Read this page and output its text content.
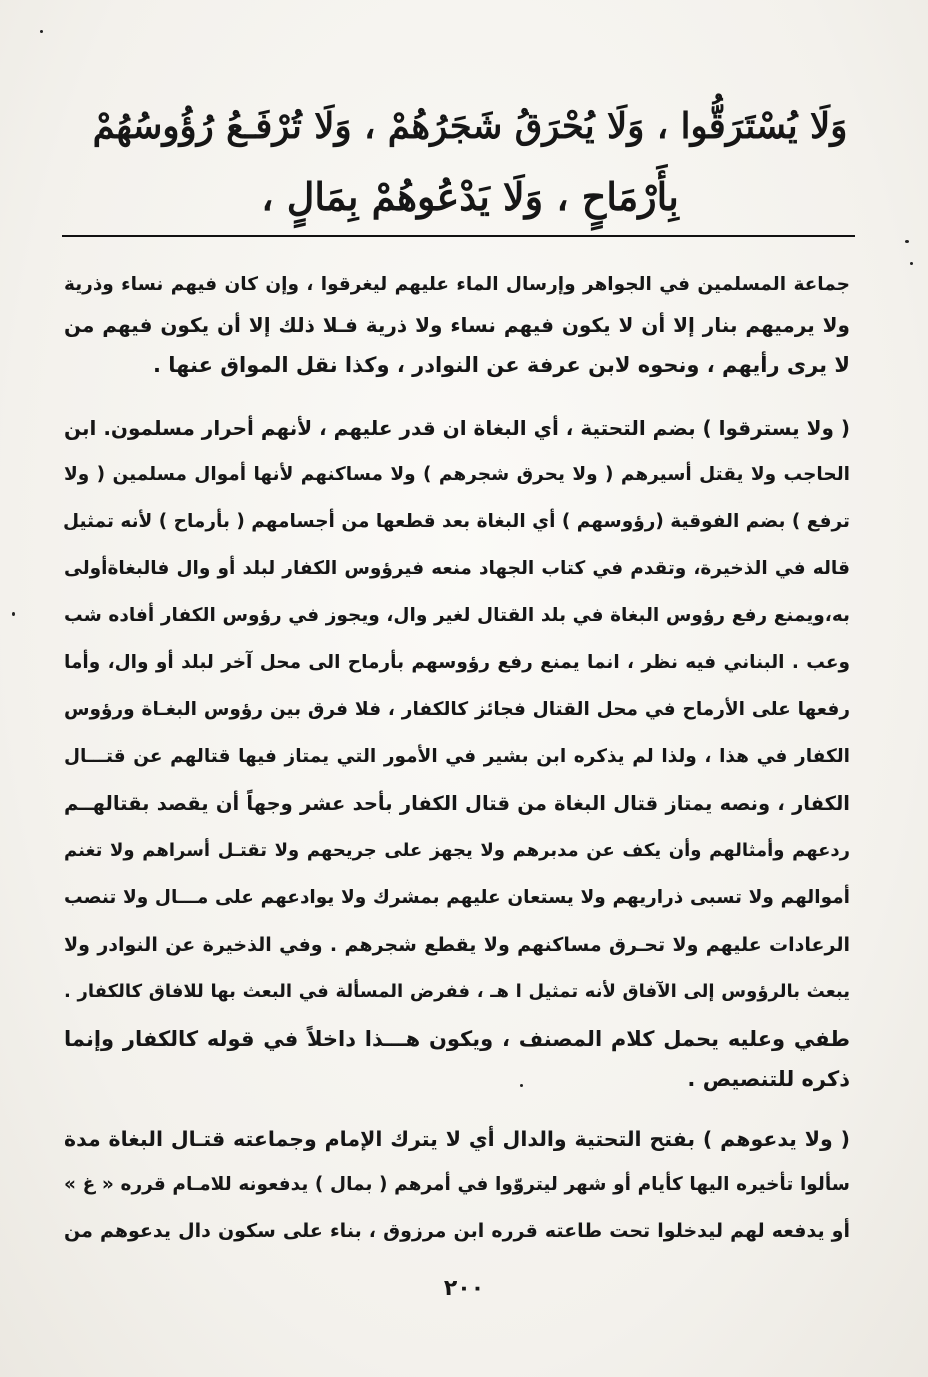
وَلَا يُسْتَرَقُّوا ، وَلَا يُحْرَقُ شَجَرُهُمْ ، وَلَا تُرْفَـعُ رُؤُوسُهُمْ

بِأَرْمَاحٍ ، وَلَا يَدْعُوهُمْ بِمَالٍ ،

جماعة المسلمين في الجواهر وإرسال الماء عليهم ليغرقوا ، وإن كان فيهم نساء وذرية

ولا يرميهم بنار إلا أن لا يكون فيهم نساء ولا ذرية فـلا ذلك إلا أن يكون فيهم من

لا يرى رأيهم ، ونحوه لابن عرفة عن النوادر ، وكذا نقل المواق عنها .

( ولا يسترقوا ) بضم التحتية ، أي البغاة ان قدر عليهم ، لأنهم أحرار مسلمون. ابن

الحاجب ولا يقتل أسيرهم ( ولا يحرق شجرهم ) ولا مساكنهم لأنها أموال مسلمين ( ولا

ترفع ) بضم الفوقية (رؤوسهم ) أي البغاة بعد قطعها من أجسامهم ( بأرماح ) لأنه تمثيل

قاله في الذخيرة، وتقدم في كتاب الجهاد منعه فيرؤوس الكفار لبلد أو وال فالبغاةأولى

به،ويمنع رفع رؤوس البغاة في بلد القتال لغير وال، ويجوز في رؤوس الكفار أفاده شب

وعب . البناني فيه نظر ، انما يمنع رفع رؤوسهم بأرماح الى محل آخر لبلد أو وال، وأما

رفعها على الأرماح في محل القتال فجائز كالكفار ، فلا فرق بين رؤوس البغـاة ورؤوس

الكفار في هذا ، ولذا لم يذكره ابن بشير في الأمور التي يمتاز فيها قتالهم عن قتـــال

الكفار ، ونصه يمتاز قتال البغاة من قتال الكفار بأحد عشر وجهاً أن يقصد بقتالهــم

ردعهم وأمثالهم وأن يكف عن مدبرهم ولا يجهز على جريحهم ولا تقتـل أسراهم ولا تغنم

أموالهم ولا تسبى ذراريهم ولا يستعان عليهم بمشرك ولا يوادعهم على مـــال ولا تنصب

الرعادات عليهم ولا تحـرق مساكنهم ولا يقطع شجرهم . وفي الذخيرة عن النوادر ولا

يبعث بالرؤوس إلى الآفاق لأنه تمثيل ا هـ ، ففرض المسألة في البعث بها للافاق كالكفار .

طفي وعليه يحمل كلام المصنف ، ويكون هـــذا داخلاً في قوله كالكفار وإنما

ذكره للتنصيص .

( ولا يدعوهم ) بفتح التحتية والدال أي لا يترك الإمام وجماعته قتـال البغاة مدة

سألوا تأخيره اليها كأيام أو شهر ليتروّوا في أمرهم ( بمال ) يدفعونه للامـام قرره « غ »

أو يدفعه لهم ليدخلوا تحت طاعته قرره ابن مرزوق ، بناء على سكون دال يدعوهم من

٢٠٠
